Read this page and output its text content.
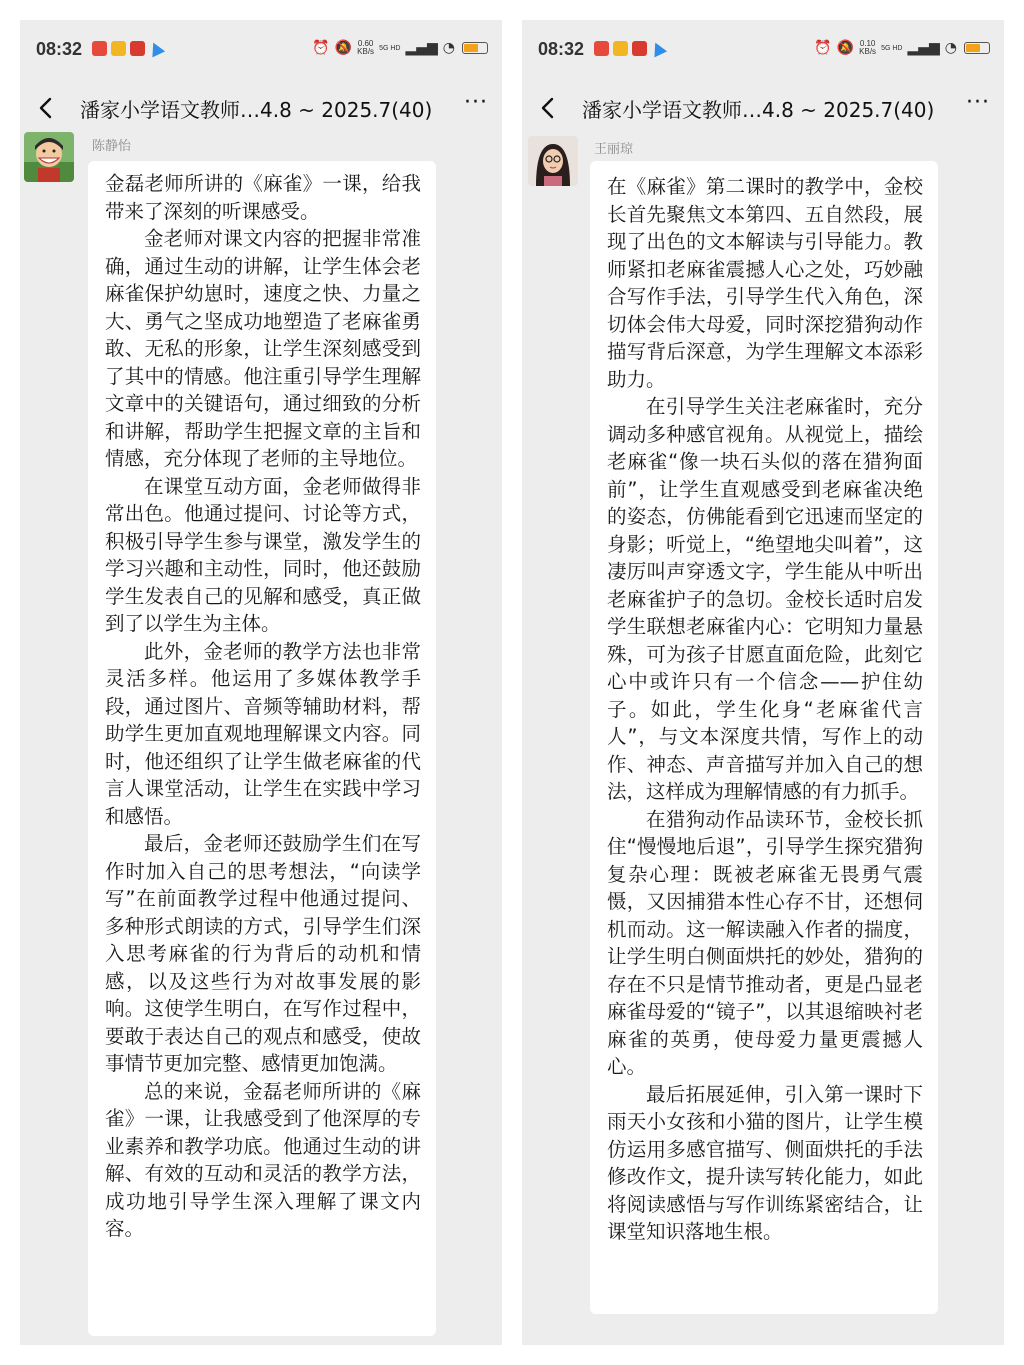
08:32	⏰ 🔕 0.60
KB/s 5G HD ▂▄▆ ◔
潘家小学语文教师…4.8 ~ 2025.7(40) ···
陈静怡

金磊老师所讲的《麻雀》一课，给我带来了深刻的听课感受。

金老师对课文内容的把握非常准确，通过生动的讲解，让学生体会老麻雀保护幼崽时，速度之快、力量之大、勇气之坚成功地塑造了老麻雀勇敢、无私的形象，让学生深刻感受到了其中的情感。他注重引导学生理解文章中的关键语句，通过细致的分析和讲解，帮助学生把握文章的主旨和情感，充分体现了老师的主导地位。

在课堂互动方面，金老师做得非常出色。他通过提问、讨论等方式，积极引导学生参与课堂，激发学生的学习兴趣和主动性，同时，他还鼓励学生发表自己的见解和感受，真正做到了以学生为主体。

此外，金老师的教学方法也非常灵活多样。他运用了多媒体教学手段，通过图片、音频等辅助材料，帮助学生更加直观地理解课文内容。同时，他还组织了让学生做老麻雀的代言人课堂活动，让学生在实践中学习和感悟。

最后，金老师还鼓励学生们在写作时加入自己的思考想法，“向读学写”在前面教学过程中他通过提问、多种形式朗读的方式，引导学生们深入思考麻雀的行为背后的动机和情感，以及这些行为对故事发展的影响。这使学生明白，在写作过程中，要敢于表达自己的观点和感受，使故事情节更加完整、感情更加饱满。

总的来说，金磊老师所讲的《麻雀》一课，让我感受到了他深厚的专业素养和教学功底。他通过生动的讲解、有效的互动和灵活的教学方法，成功地引导学生深入理解了课文内容。

08:32	⏰ 🔕 0.10
KB/s 5G HD ▂▄▆ ◔
潘家小学语文教师…4.8 ~ 2025.7(40) ···
王丽琼

在《麻雀》第二课时的教学中，金校长首先聚焦文本第四、五自然段，展现了出色的文本解读与引导能力。教师紧扣老麻雀震撼人心之处，巧妙融合写作手法，引导学生代入角色，深切体会伟大母爱，同时深挖猎狗动作描写背后深意，为学生理解文本添彩助力。

在引导学生关注老麻雀时，充分调动多种感官视角。从视觉上，描绘老麻雀“像一块石头似的落在猎狗面前”，让学生直观感受到老麻雀决绝的姿态，仿佛能看到它迅速而坚定的身影；听觉上，“绝望地尖叫着”，这凄厉叫声穿透文字，学生能从中听出老麻雀护子的急切。金校长适时启发学生联想老麻雀内心：它明知力量悬殊，可为孩子甘愿直面危险，此刻它心中或许只有一个信念——护住幼子。如此，学生化身“老麻雀代言人”，与文本深度共情，写作上的动作、神态、声音描写并加入自己的想法，这样成为理解情感的有力抓手。

在猎狗动作品读环节，金校长抓住“慢慢地后退”，引导学生探究猎狗复杂心理：既被老麻雀无畏勇气震慑，又因捕猎本性心存不甘，还想伺机而动。这一解读融入作者的揣度，让学生明白侧面烘托的妙处，猎狗的存在不只是情节推动者，更是凸显老麻雀母爱的“镜子”，以其退缩映衬老麻雀的英勇，使母爱力量更震撼人心。

最后拓展延伸，引入第一课时下雨天小女孩和小猫的图片，让学生模仿运用多感官描写、侧面烘托的手法修改作文，提升读写转化能力，如此将阅读感悟与写作训练紧密结合，让课堂知识落地生根。
